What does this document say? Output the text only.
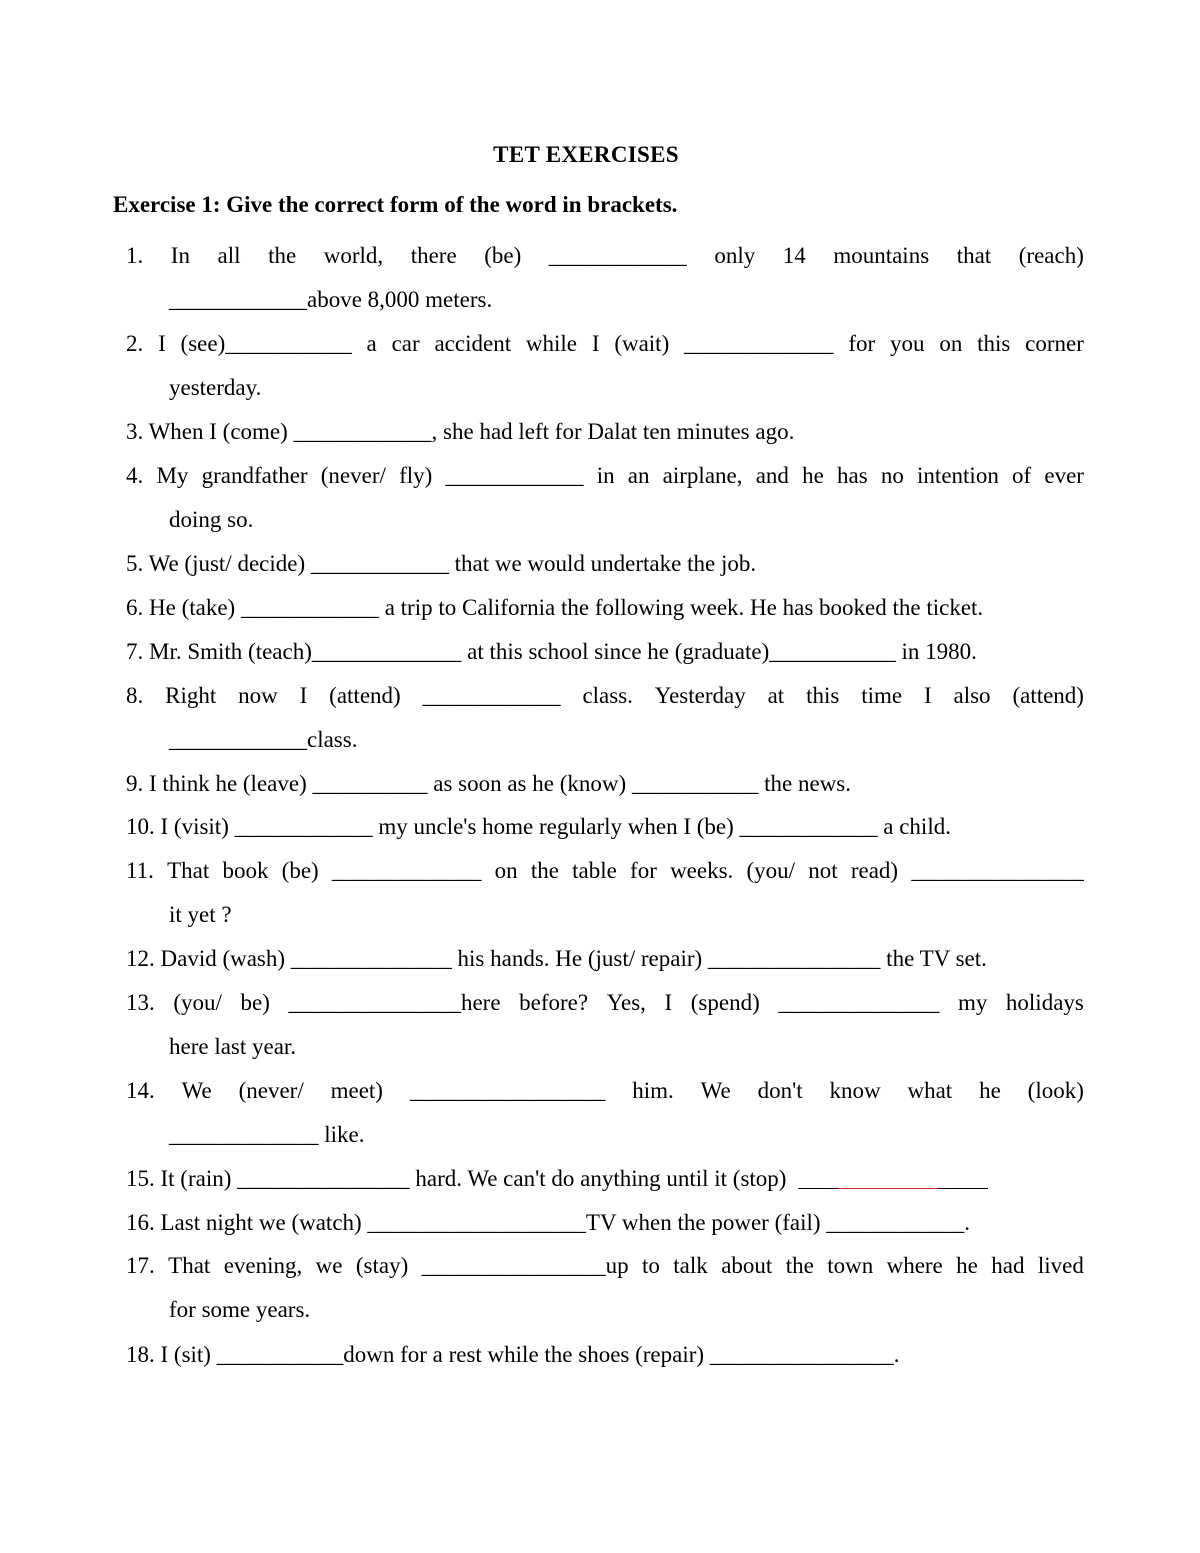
TET EXERCISES
Exercise 1: Give the correct form of the word in brackets.
1. In all the world, there (be) ____________ only 14 mountains that (reach)
____________above 8,000 meters.
2. I (see)___________ a car accident while I (wait) _____________ for you on this corner
yesterday.
3. When I (come) ____________, she had left for Dalat ten minutes ago.
4. My grandfather (never/ fly) ____________ in an airplane, and he has no intention of ever
doing so.
5. We (just/ decide) ____________ that we would undertake the job.
6. He (take) ____________ a trip to California the following week. He has booked the ticket.
7. Mr. Smith (teach)_____________ at this school since he (graduate)___________ in 1980.
8. Right now I (attend) ____________ class. Yesterday at this time I also (attend)
____________class.
9. I think he (leave) __________ as soon as he (know) ___________ the news.
10. I (visit) ____________ my uncle's home regularly when I (be) ____________ a child.
11. That book (be) _____________ on the table for weeks. (you/ not read) _______________
it yet ?
12. David (wash) ______________ his hands. He (just/ repair) _______________ the TV set.
13. (you/ be) _______________here before? Yes, I (spend) ______________ my holidays
here last year.
14. We (never/ meet) _________________ him. We don't know what he (look)
_____________ like.
15. It (rain) _______________ hard. We can't do anything until it (stop)
16. Last night we (watch) ___________________TV when the power (fail) ____________.
17. That evening, we (stay) ________________up to talk about the town where he had lived
for some years.
18. I (sit) ___________down for a rest while the shoes (repair) ________________.
